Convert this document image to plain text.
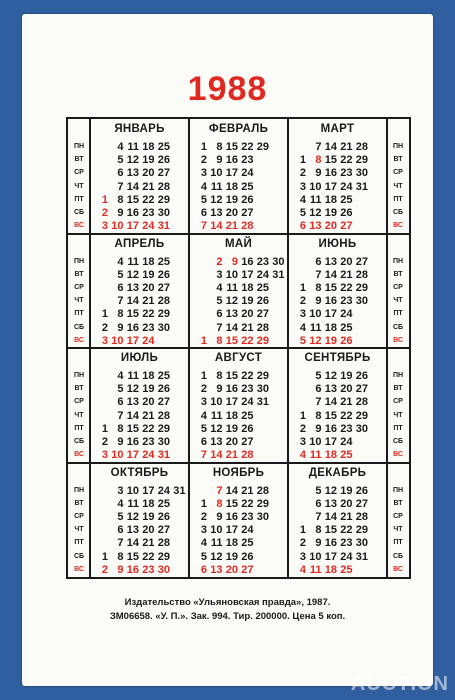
1988
ПН
ВТ
СР
ЧТ
ПТ
СБ
ВС
ПН
ВТ
СР
ЧТ
ПТ
СБ
ВС
ЯНВАРЬ
1
2
3
4
5
6
7
8
9
10
11
12
13
14
15
16
17
18
19
20
21
22
23
24
25
26
27
28
29
30
31
ФЕВРАЛЬ
1
2
3
4
5
6
7
8
9
10
11
12
13
14
15
16
17
18
19
20
21
22
23
24
25
26
27
28
29
МАРТ
1
2
3
4
5
6
7
8
9
10
11
12
13
14
15
16
17
18
19
20
21
22
23
24
25
26
27
28
29
30
31
ПН
ВТ
СР
ЧТ
ПТ
СБ
ВС
ПН
ВТ
СР
ЧТ
ПТ
СБ
ВС
АПРЕЛЬ
1
2
3
4
5
6
7
8
9
10
11
12
13
14
15
16
17
18
19
20
21
22
23
24
25
26
27
28
29
30
МАЙ
1
2
3
4
5
6
7
8
9
10
11
12
13
14
15
16
17
18
19
20
21
22
23
24
25
26
27
28
29
30
31
ИЮНЬ
1
2
3
4
5
6
7
8
9
10
11
12
13
14
15
16
17
18
19
20
21
22
23
24
25
26
27
28
29
30
ПН
ВТ
СР
ЧТ
ПТ
СБ
ВС
ПН
ВТ
СР
ЧТ
ПТ
СБ
ВС
ИЮЛЬ
1
2
3
4
5
6
7
8
9
10
11
12
13
14
15
16
17
18
19
20
21
22
23
24
25
26
27
28
29
30
31
АВГУСТ
1
2
3
4
5
6
7
8
9
10
11
12
13
14
15
16
17
18
19
20
21
22
23
24
25
26
27
28
29
30
31
СЕНТЯБРЬ
1
2
3
4
5
6
7
8
9
10
11
12
13
14
15
16
17
18
19
20
21
22
23
24
25
26
27
28
29
30
ПН
ВТ
СР
ЧТ
ПТ
СБ
ВС
ПН
ВТ
СР
ЧТ
ПТ
СБ
ВС
ОКТЯБРЬ
1
2
3
4
5
6
7
8
9
10
11
12
13
14
15
16
17
18
19
20
21
22
23
24
25
26
27
28
29
30
31
НОЯБРЬ
1
2
3
4
5
6
7
8
9
10
11
12
13
14
15
16
17
18
19
20
21
22
23
24
25
26
27
28
29
30
ДЕКАБРЬ
1
2
3
4
5
6
7
8
9
10
11
12
13
14
15
16
17
18
19
20
21
22
23
24
25
26
27
28
29
30
31
Издательство «Ульяновская правда», 1987.
ЗМ06658. «У. П.». Зак. 994. Тир. 200000. Цена 5 коп.
AUCTION
